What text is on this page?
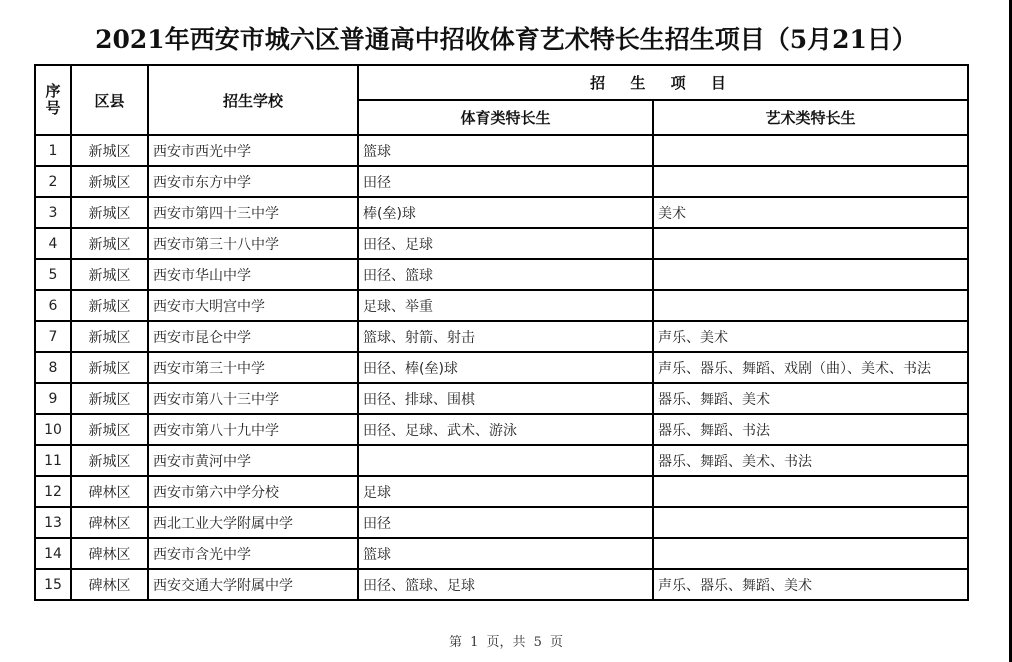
2021年西安市城六区普通高中招收体育艺术特长生招生项目（5月21日）
序
号	区县	招生学校	招 生 项 目	
			体育类特长生	艺术类特长生
1	新城区	西安市西光中学	篮球	
2	新城区	西安市东方中学	田径	
3	新城区	西安市第四十三中学	棒(垒)球	美术
4	新城区	西安市第三十八中学	田径、足球	
5	新城区	西安市华山中学	田径、篮球	
6	新城区	西安市大明宫中学	足球、举重	
7	新城区	西安市昆仑中学	篮球、射箭、射击	声乐、美术
8	新城区	西安市第三十中学	田径、棒(垒)球	声乐、器乐、舞蹈、戏剧（曲）、美术、书法
9	新城区	西安市第八十三中学	田径、排球、围棋	器乐、舞蹈、美术
10	新城区	西安市第八十九中学	田径、足球、武术、游泳	器乐、舞蹈、书法
11	新城区	西安市黄河中学		器乐、舞蹈、美术、书法
12	碑林区	西安市第六中学分校	足球	
13	碑林区	西北工业大学附属中学	田径	
14	碑林区	西安市含光中学	篮球	
15	碑林区	西安交通大学附属中学	田径、篮球、足球	声乐、器乐、舞蹈、美术
第 1 页，共 5 页
